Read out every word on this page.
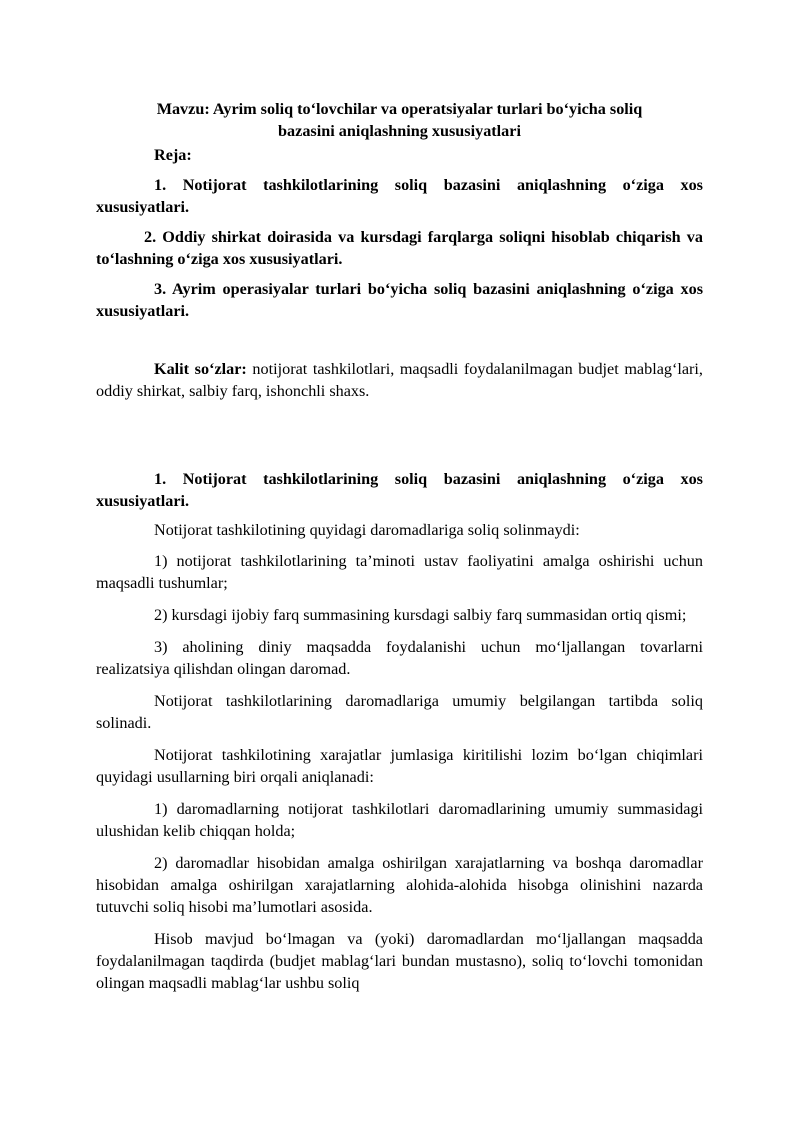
Mavzu: Ayrim soliq to‘lovchilar va operatsiyalar turlari bo‘yicha soliq
bazasini aniqlashning xususiyatlari

Reja:

1. Notijorat tashkilotlarining soliq bazasini aniqlashning o‘ziga xos xususiyatlari.

2. Oddiy shirkat doirasida va kursdagi farqlarga soliqni hisoblab chiqarish va to‘lashning o‘ziga xos xususiyatlari.

3. Ayrim operasiyalar turlari bo‘yicha soliq bazasini aniqlashning o‘ziga xos xususiyatlari.

Kalit so‘zlar: notijorat tashkilotlari, maqsadli foydalanilmagan budjet mablag‘lari, oddiy shirkat, salbiy farq, ishonchli shaxs.

1. Notijorat tashkilotlarining soliq bazasini aniqlashning o‘ziga xos xususiyatlari.

Notijorat tashkilotining quyidagi daromadlariga soliq solinmaydi:

1) notijorat tashkilotlarining ta’minoti ustav faoliyatini amalga oshirishi uchun maqsadli tushumlar;

2) kursdagi ijobiy farq summasining kursdagi salbiy farq summasidan ortiq qismi;

3) aholining diniy maqsadda foydalanishi uchun mo‘ljallangan tovarlarni realizatsiya qilishdan olingan daromad.

Notijorat tashkilotlarining daromadlariga umumiy belgilangan tartibda soliq solinadi.

Notijorat tashkilotining xarajatlar jumlasiga kiritilishi lozim bo‘lgan chiqimlari quyidagi usullarning biri orqali aniqlanadi:

1) daromadlarning notijorat tashkilotlari daromadlarining umumiy summasidagi ulushidan kelib chiqqan holda;

2) daromadlar hisobidan amalga oshirilgan xarajatlarning va boshqa daromadlar hisobidan amalga oshirilgan xarajatlarning alohida-alohida hisobga olinishini nazarda tutuvchi soliq hisobi ma’lumotlari asosida.

Hisob mavjud bo‘lmagan va (yoki) daromadlardan mo‘ljallangan maqsadda foydalanilmagan taqdirda (budjet mablag‘lari bundan mustasno), soliq to‘lovchi tomonidan olingan maqsadli mablag‘lar ushbu soliq
